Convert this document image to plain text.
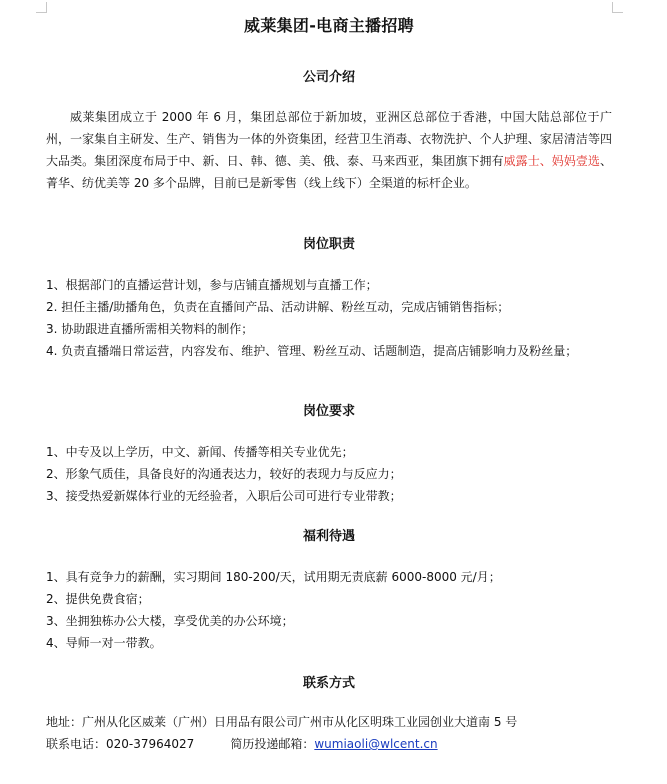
威莱集团-电商主播招聘
公司介绍
威莱集团成立于 2000 年 6 月，集团总部位于新加坡，亚洲区总部位于香港，中国大陆总部位于广州，一家集自主研发、生产、销售为一体的外资集团，经营卫生消毒、衣物洗护、个人护理、家居清洁等四大品类。集团深度布局于中、新、日、韩、德、美、俄、泰、马来西亚，集团旗下拥有威露士、妈妈壹选、菁华、纺优美等 20 多个品牌，目前已是新零售（线上线下）全渠道的标杆企业。
岗位职责
1、根据部门的直播运营计划，参与店铺直播规划与直播工作；
2. 担任主播/助播角色，负责在直播间产品、活动讲解、粉丝互动，完成店铺销售指标；
3. 协助跟进直播所需相关物料的制作；
4. 负责直播端日常运营，内容发布、维护、管理、粉丝互动、话题制造，提高店铺影响力及粉丝量；
岗位要求
1、中专及以上学历，中文、新闻、传播等相关专业优先；
2、形象气质佳，具备良好的沟通表达力，较好的表现力与反应力；
3、接受热爱新媒体行业的无经验者，入职后公司可进行专业带教；
福利待遇
1、具有竞争力的薪酬，实习期间 180-200/天，试用期无责底薪 6000-8000 元/月；
2、提供免费食宿；
3、坐拥独栋办公大楼，享受优美的办公环境；
4、导师一对一带教。
联系方式
地址：广州从化区威莱（广州）日用品有限公司广州市从化区明珠工业园创业大道南 5 号
联系电话：020-37964027	简历投递邮箱：wumiaoli@wlcent.cn
